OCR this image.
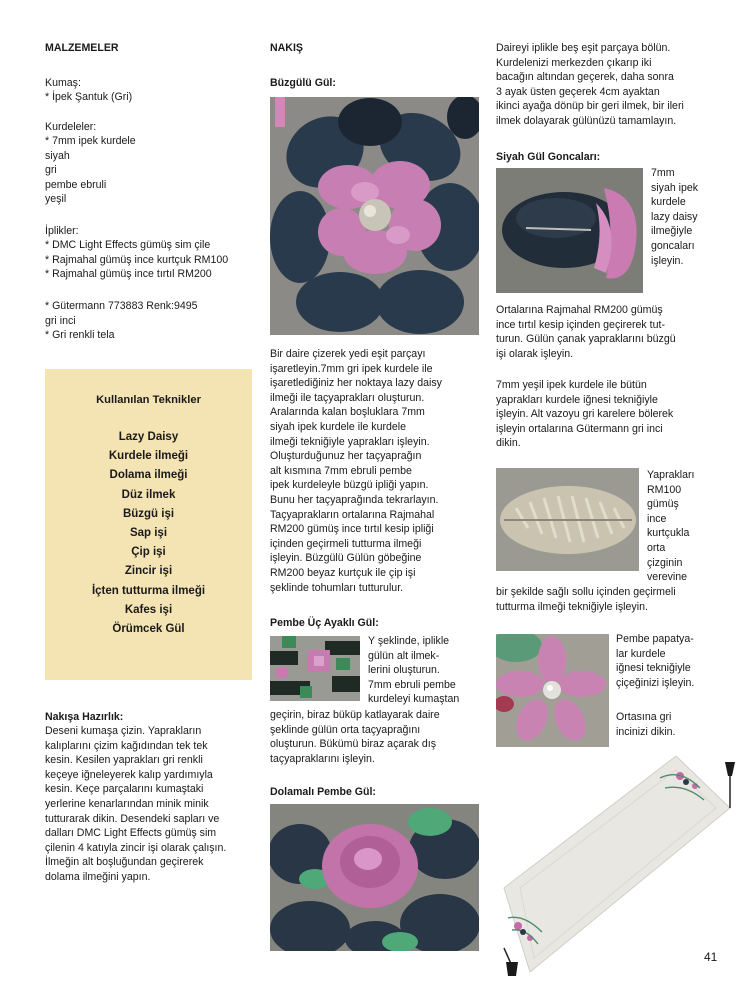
MALZEMELER
Kumaş:
* İpek Şantuk (Gri)
Kurdeleler:
* 7mm ipek kurdele
siyah
gri
pembe ebruli
yeşil
İplikler:
* DMC Light Effects gümüş sim çile
* Rajmahal gümüş ince kurtçuk RM100
* Rajmahal gümüş ince tırtıl RM200
* Gütermann 773883 Renk:9495
gri inci
* Gri renkli tela
Kullanılan Teknikler
Lazy Daisy
Kurdele ilmeği
Dolama ilmeği
Düz ilmek
Büzgü işi
Sap işi
Çip işi
Zincir işi
İçten tutturma ilmeği
Kafes işi
Örümcek Gül
Nakışa Hazırlık:
Deseni kumaşa çizin. Yaprakların
kalıplarını çizim kağıdından tek tek
kesin. Kesilen yaprakları gri renkli
keçeye iğneleyerek kalıp yardımıyla
kesin. Keçe parçalarını kumaştaki
yerlerine kenarlarından minik minik
tutturarak dikin. Desendeki sapları ve
dalları DMC Light Effects gümüş sim
çilenin 4 katıyla zincir işi olarak çalışın.
İlmeğin alt boşluğundan geçirerek
dolama ilmeğini yapın.
NAKIŞ
Büzgülü Gül:
Bir daire çizerek yedi eşit parçayı
işaretleyin.7mm gri ipek kurdele ile
işaretlediğiniz her noktaya lazy daisy
ilmeği ile taçyaprakları oluşturun.
Aralarında kalan boşluklara 7mm
siyah ipek kurdele ile kurdele
ilmeği tekniğiyle yaprakları işleyin.
Oluşturduğunuz her taçyaprağın
alt kısmına 7mm ebruli pembe
ipek kurdeleyle büzgü ipliği yapın.
Bunu her taçyaprağında tekrarlayın.
Taçyaprakların ortalarına Rajmahal
RM200 gümüş ince tırtıl kesip ipliği
içinden geçirmeli tutturma ilmeği
işleyin. Büzgülü Gülün göbeğine
RM200 beyaz kurtçuk ile çip işi
şeklinde tohumları tutturulur.
Pembe Üç Ayaklı Gül:
Y şeklinde, iplikle
gülün alt ilmek-
lerini oluşturun.
7mm ebruli pembe
kurdeleyi kumaştan
geçirin, biraz büküp katlayarak daire
şeklinde gülün orta taçyaprağını
oluşturun. Bükümü biraz açarak dış
taçyapraklarını işleyin.
Dolamalı Pembe Gül:
Daireyi iplikle beş eşit parçaya bölün.
Kurdelenizi merkezden çıkarıp iki
bacağın altından geçerek, daha sonra
3 ayak üsten geçerek 4cm ayaktan
ikinci ayağa dönüp bir geri ilmek, bir ileri
ilmek dolayarak gülünüzü tamamlayın.
Siyah Gül Goncaları:
7mm
siyah ipek
kurdele
lazy daisy
ilmeğiyle
goncaları
işleyin.
Ortalarına Rajmahal RM200 gümüş
ince tırtıl kesip içinden geçirerek tut-
turun. Gülün çanak yapraklarını büzgü
işi olarak işleyin.
7mm yeşil ipek kurdele ile bütün
yaprakları kurdele iğnesi tekniğiyle
işleyin. Alt vazoyu gri karelere bölerek
işleyin ortalarına Gütermann gri inci
dikin.
Yaprakları
RM100
gümüş
ince
kurtçukla
orta
çizginin
verevine
bir şekilde sağlı sollu içinden geçirmeli
tutturma ilmeği tekniğiyle işleyin.
Pembe papatya-
lar kurdele
iğnesi tekniğiyle
çiçeğinizi işleyin.
Ortasına gri
incinizi dikin.
41
